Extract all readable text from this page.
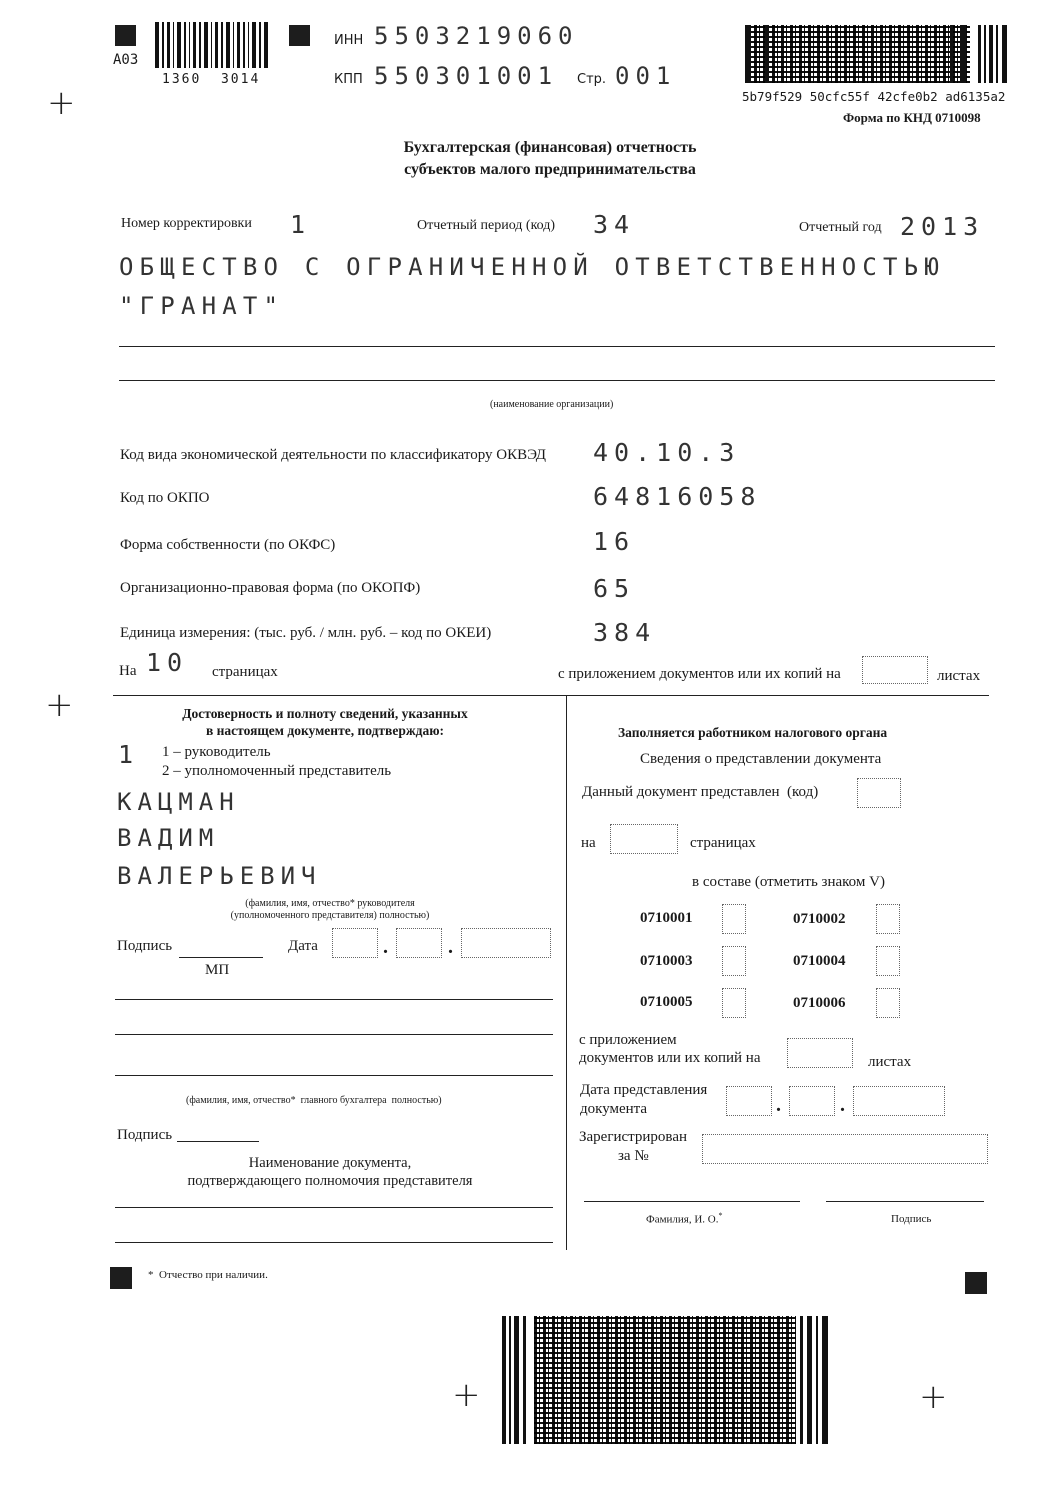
A03
1360  3014
ИНН 5503219060
КПП 550301001 Стр. 001
5b79f529 50cfc55f 42cfe0b2 ad6135a2
Форма по КНД 0710098
+
Бухгалтерская (финансовая) отчетность
субъектов малого предпринимательства
Номер корректировки 1	Отчетный период (код) 34	Отчетный год 2013
ОБЩЕСТВО С ОГРАНИЧЕННОЙ ОТВЕТСТВЕННОСТЬЮ
"ГРАНАТ"
(наименование организации)
Код вида экономической деятельности по классификатору ОКВЭД 40.10.3
Код по ОКПО	64816058
Форма собственности (по ОКФС)	16
Организационно-правовая форма (по ОКОПФ)	65
Единица измерения: (тыс. руб. / млн. руб. – код по ОКЕИ)	384
На 10 страницах	с приложением документов или их копий на	листах
+	Достоверность и полноту сведений, указанных
в настоящем документе, подтверждаю:
1 1 – руководитель
2 – уполномоченный представитель
КАЦМАН
ВАДИМ
ВАЛЕРЬЕВИЧ
(фамилия, имя, отчество* руководителя
(уполномоченного представителя) полностью)
Подпись	Дата	.	.
МП
(фамилия, имя, отчество*  главного бухгалтера  полностью)
Подпись
Наименование документа,
подтверждающего полномочия представителя
Заполняется работником налогового органа
Сведения о представлении документа
Данный документ представлен  (код)
на	страницах
в составе (отметить знаком V)
0710001	0710002
0710003	0710004
0710005	0710006
с приложением
документов или их копий на	листах
Дата представления
документа	.	.
Зарегистрирован
за №
Фамилия, И. О.*	Подпись
*  Отчество при наличии.
+	+
